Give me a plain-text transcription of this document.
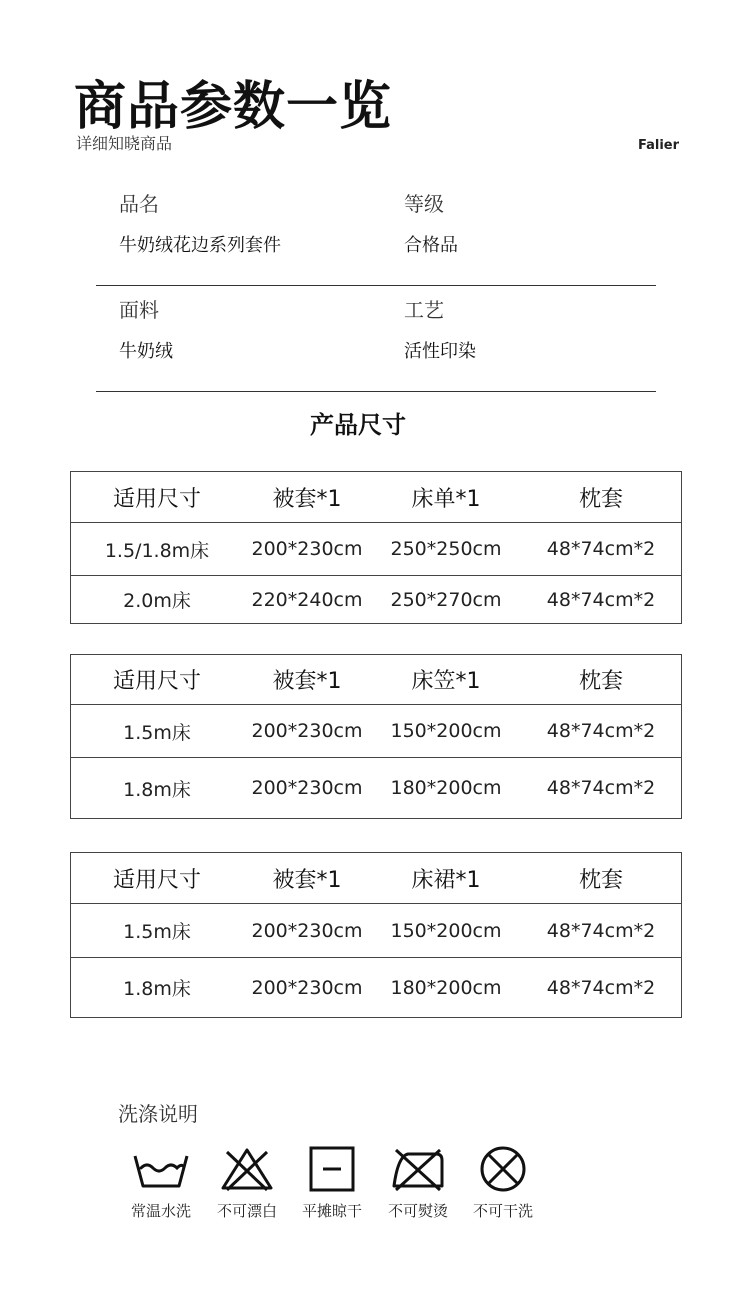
商品参数一览
详细知晓商品	Falier
品名
牛奶绒花边系列套件
等级
合格品
面料
牛奶绒
工艺
活性印染
产品尺寸
适用尺寸	被套*1	床单*1	枕套
1.5/1.8m床	200*230cm	250*250cm	48*74cm*2
2.0m床	220*240cm	250*270cm	48*74cm*2
适用尺寸	被套*1	床笠*1	枕套
1.5m床	200*230cm	150*200cm	48*74cm*2
1.8m床	200*230cm	180*200cm	48*74cm*2
适用尺寸	被套*1	床裙*1	枕套
1.5m床	200*230cm	150*200cm	48*74cm*2
1.8m床	200*230cm	180*200cm	48*74cm*2
洗涤说明
常温水洗	不可漂白	平摊晾干	不可熨烫	不可干洗
